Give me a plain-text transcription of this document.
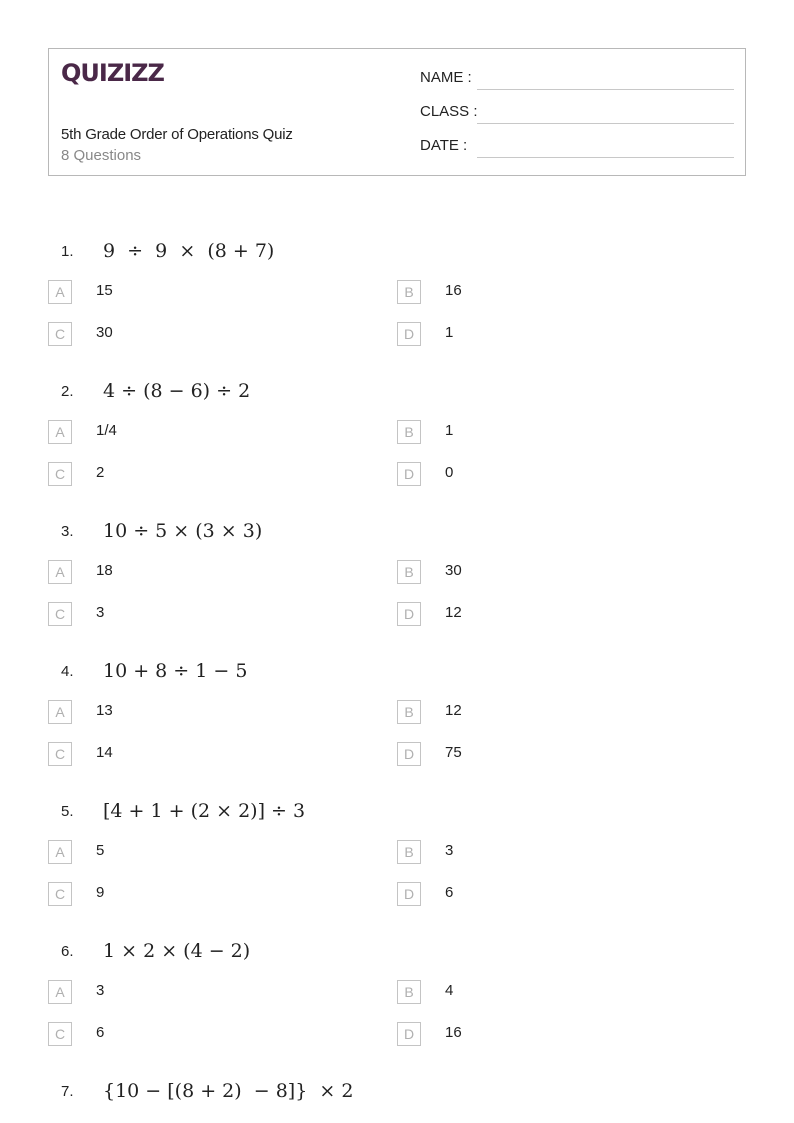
QUIZIZZ
5th Grade Order of Operations Quiz
8 Questions
NAME :
CLASS :
DATE :
1. 9  ÷  9  ×  (8 + 7)
A	15	B	16
C	30	D	1
2. 4 ÷ (8 − 6) ÷ 2
A	1/4	B	1
C	2	D	0
3. 10 ÷ 5 × (3 × 3)
A	18	B	30
C	3	D	12
4. 10 + 8 ÷ 1 − 5
A	13	B	12
C	14	D	75
5. [4 + 1 + (2 × 2)] ÷ 3
A	5	B	3
C	9	D	6
6. 1 × 2 × (4 − 2)
A	3	B	4
C	6	D	16
7. {10 − [(8 + 2)  − 8]}  × 2
